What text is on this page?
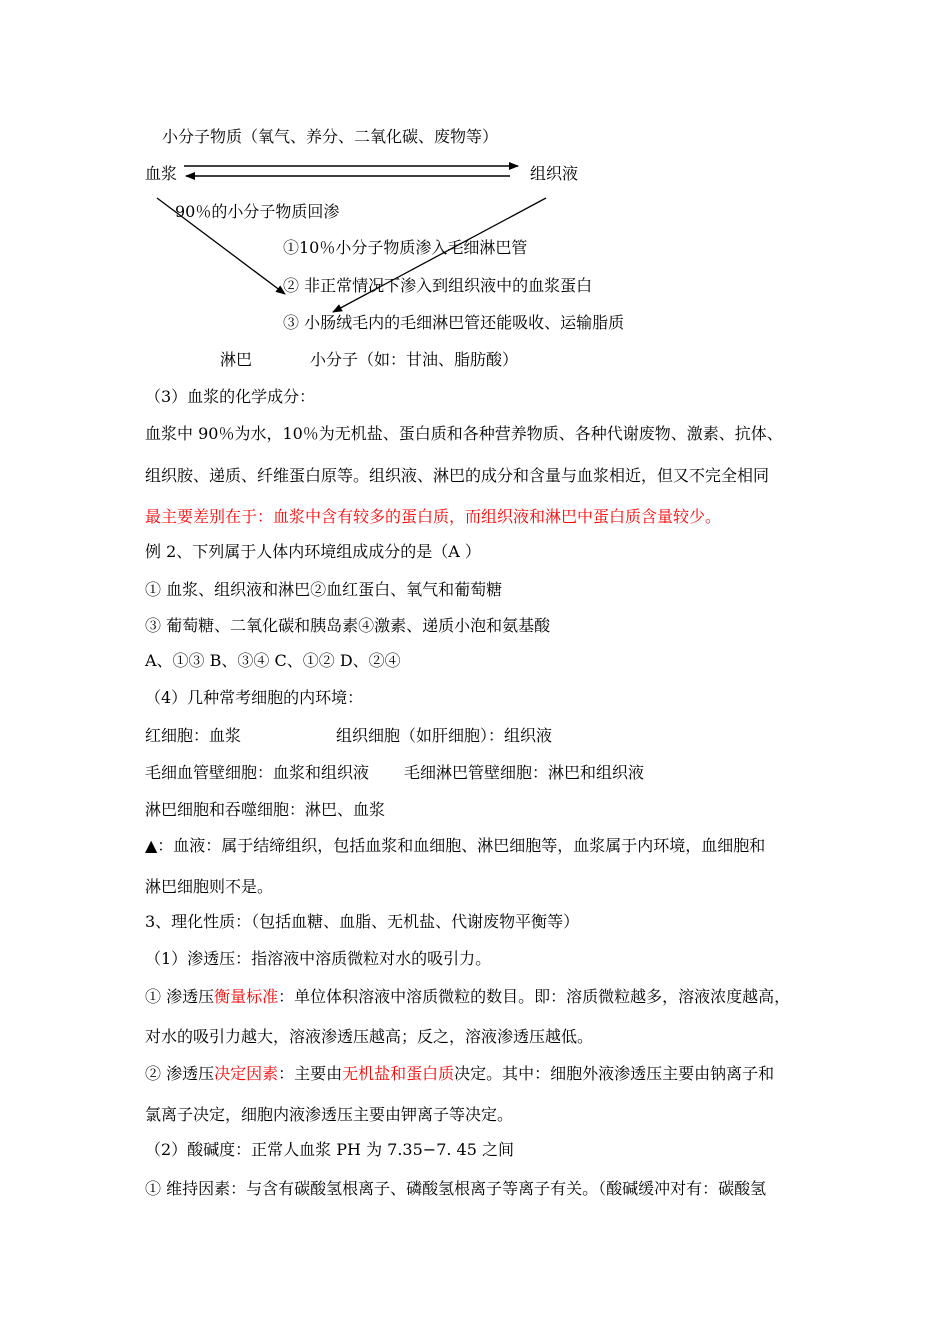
小分子物质（氧气、养分、二氧化碳、废物等）
血浆	组织液
90％的小分子物质回渗
①10％小分子物质渗入毛细淋巴管
② 非正常情况下渗入到组织液中的血浆蛋白
③ 小肠绒毛内的毛细淋巴管还能吸收、运输脂质
淋巴	小分子（如：甘油、脂肪酸）
（3）血浆的化学成分：
血浆中 90％为水，10％为无机盐、蛋白质和各种营养物质、各种代谢废物、激素、抗体、
组织胺、递质、纤维蛋白原等。组织液、淋巴的成分和含量与血浆相近，但又不完全相同
最主要差别在于：血浆中含有较多的蛋白质，而组织液和淋巴中蛋白质含量较少。
例 2、下列属于人体内环境组成成分的是（A ）
① 血浆、组织液和淋巴②血红蛋白、氧气和葡萄糖
③ 葡萄糖、二氧化碳和胰岛素④激素、递质小泡和氨基酸
A、①③ B、③④ C、①② D、②④
（4）几种常考细胞的内环境：
红细胞：血浆	组织细胞（如肝细胞）：组织液
毛细血管壁细胞：血浆和组织液 毛细淋巴管壁细胞：淋巴和组织液
淋巴细胞和吞噬细胞：淋巴、血浆
▲：血液：属于结缔组织，包括血浆和血细胞、淋巴细胞等，血浆属于内环境，血细胞和
淋巴细胞则不是。
3、理化性质：（包括血糖、血脂、无机盐、代谢废物平衡等）
（1）渗透压：指溶液中溶质微粒对水的吸引力。
① 渗透压衡量标准：单位体积溶液中溶质微粒的数目。即：溶质微粒越多，溶液浓度越高，
对水的吸引力越大，溶液渗透压越高；反之，溶液渗透压越低。
② 渗透压决定因素：主要由无机盐和蛋白质决定。其中：细胞外液渗透压主要由钠离子和
氯离子决定，细胞内液渗透压主要由钾离子等决定。
（2）酸碱度：正常人血浆 PH 为 7.35−7. 45 之间
① 维持因素：与含有碳酸氢根离子、磷酸氢根离子等离子有关。（酸碱缓冲对有：碳酸氢
